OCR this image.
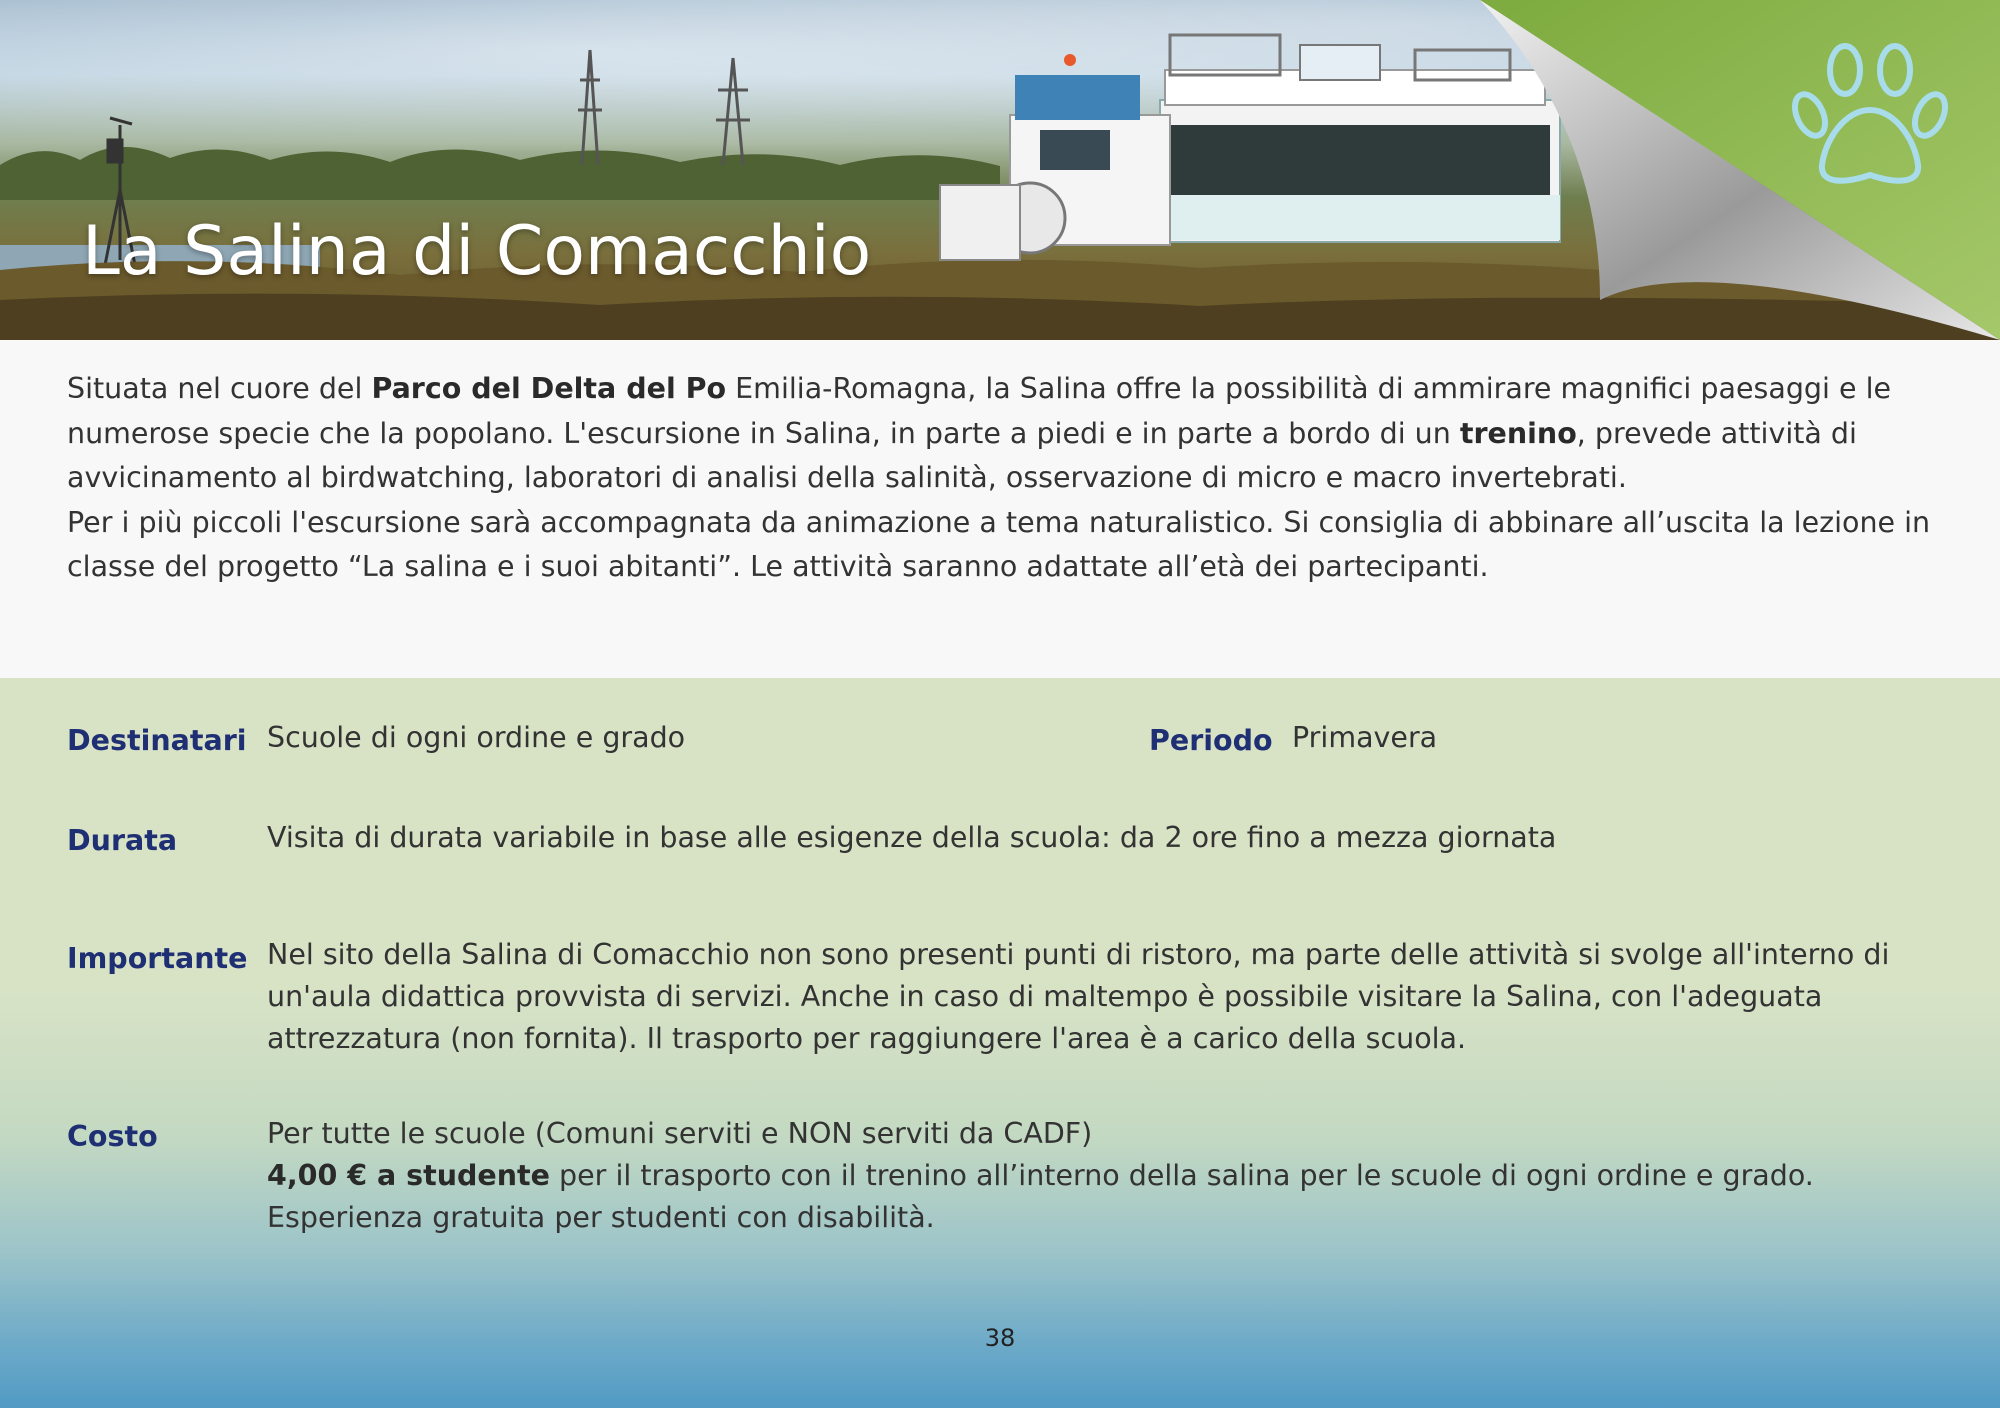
La Salina di Comacchio
Situata nel cuore del Parco del Delta del Po Emilia-Romagna, la Salina offre la possibilità di ammirare magnifici paesaggi e le numerose specie che la popolano. L'escursione in Salina, in parte a piedi e in parte a bordo di un trenino, prevede attività di avvicinamento al birdwatching, laboratori di analisi della salinità, osservazione di micro e macro invertebrati.
Per i più piccoli l'escursione sarà accompagnata da animazione a tema naturalistico. Si consiglia di abbinare all’uscita la lezione in classe del progetto “La salina e i suoi abitanti”. Le attività saranno adattate all’età dei partecipanti.
Destinatari Scuole di ogni ordine e grado	Periodo Primavera
Durata	Visita di durata variabile in base alle esigenze della scuola: da 2 ore fino a mezza giornata
Importante Nel sito della Salina di Comacchio non sono presenti punti di ristoro, ma parte delle attività si svolge all'interno di un'aula didattica provvista di servizi. Anche in caso di maltempo è possibile visitare la Salina, con l'adeguata attrezzatura (non fornita). Il trasporto per raggiungere l'area è a carico della scuola.
Costo	Per tutte le scuole (Comuni serviti e NON serviti da CADF)
4,00 € a studente per il trasporto con il trenino all’interno della salina per le scuole di ogni ordine e grado.
Esperienza gratuita per studenti con disabilità.
38
